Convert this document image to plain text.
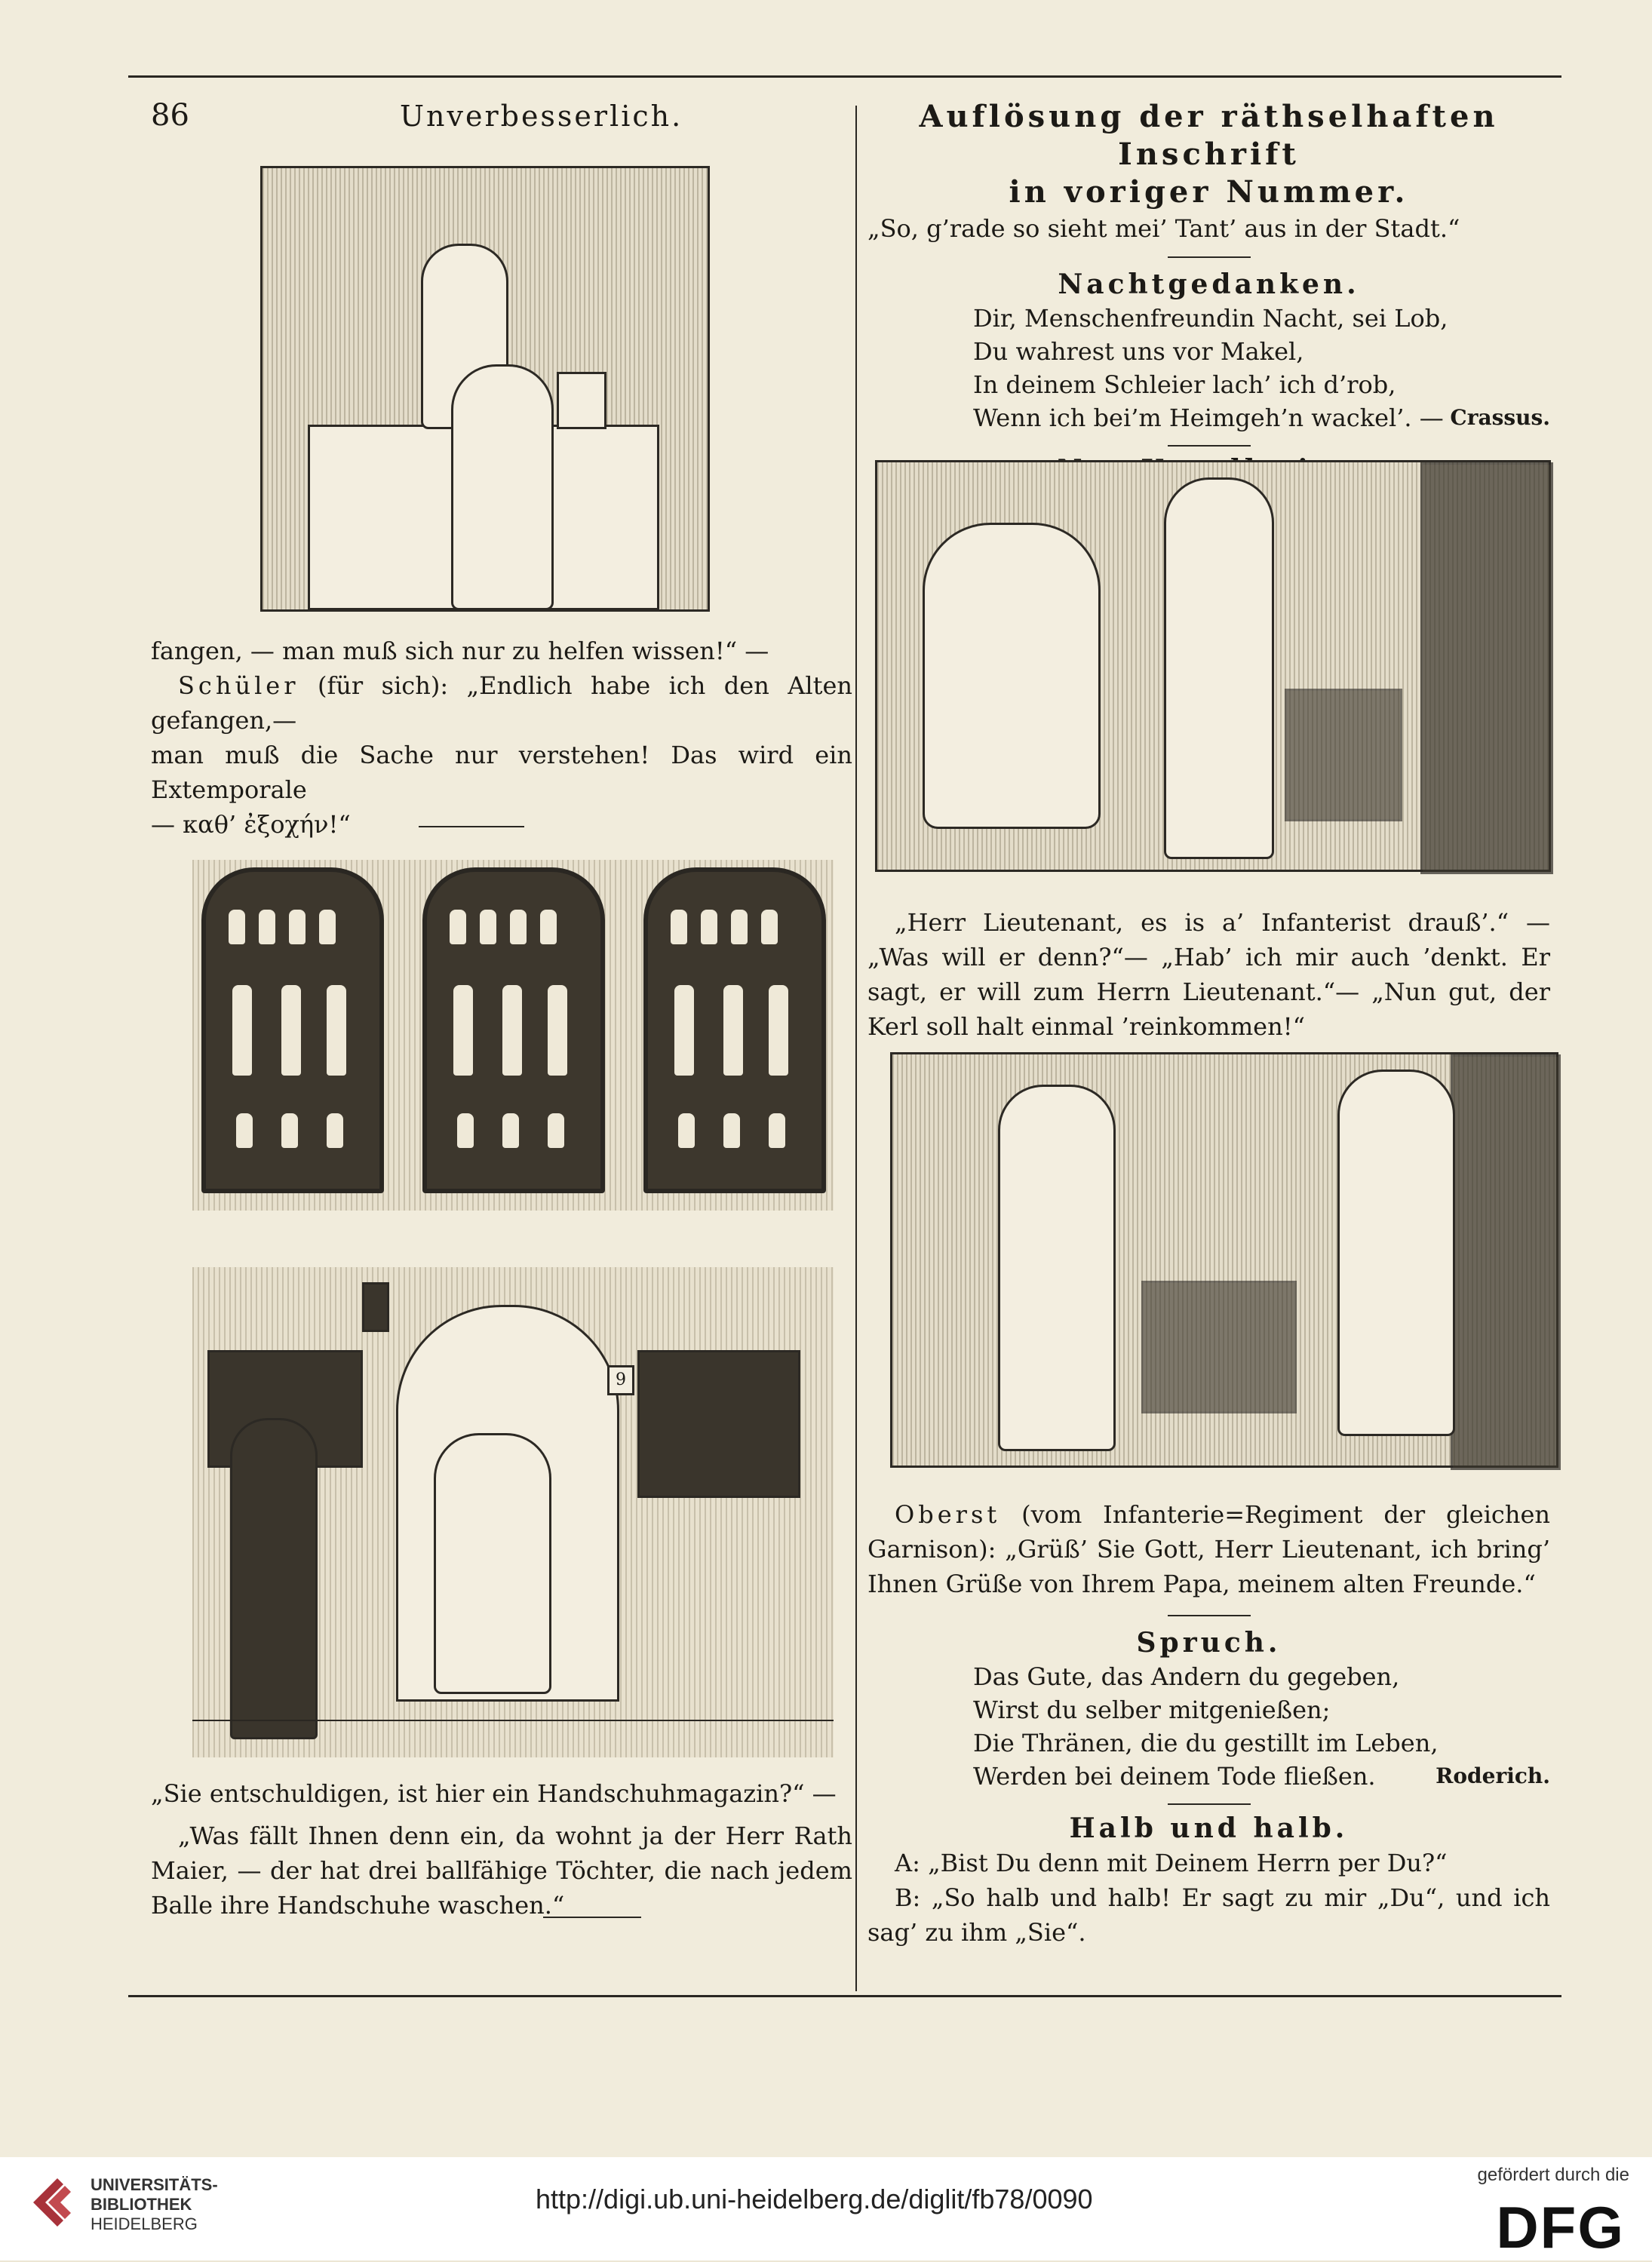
86	Unverbesserlich.

fangen, — man muß sich nur zu helfen wissen!“ —

Schüler (für sich): „Endlich habe ich den Alten gefangen,—

man muß die Sache nur verstehen! Das wird ein Extemporale

— καθ’ ἐξοχήν!“

9

„Sie entschuldigen, ist hier ein Handschuhmagazin?“ —

„Was fällt Ihnen denn ein, da wohnt ja der Herr Rath Maier, — der hat drei ballfähige Töchter, die nach jedem Balle ihre Handschuhe waschen.“

Auflösung der räthselhaften Inschrift
in voriger Nummer.

„So, g’rade so sieht mei’ Tant’ aus in der Stadt.“

Nachtgedanken.
Dir, Menschenfreundin Nacht, sei Lob,
Du wahrest uns vor Makel,
In deinem Schleier lach’ ich d’rob,
Wenn ich bei’m Heimgeh’n wackel’. — Crassus.

„Herr Lieutenant, es is a’ Infanterist drauß’.“ — „Was will er denn?“— „Hab’ ich mir auch ’denkt. Er sagt, er will zum Herrn Lieutenant.“— „Nun gut, der Kerl soll halt einmal ’reinkommen!“

Oberst (vom Infanterie=Regiment der gleichen Garnison): „Grüß’ Sie Gott, Herr Lieutenant, ich bring’ Ihnen Grüße von Ihrem Papa, meinem alten Freunde.“

Spruch.
Das Gute, das Andern du gegeben,
Wirst du selber mitgenießen;
Die Thränen, die du gestillt im Leben,
Werden bei deinem Tode fließen.	Roderich.
Halb und halb.

A: „Bist Du denn mit Deinem Herrn per Du?“

B: „So halb und halb! Er sagt zu mir „Du“, und ich sag’ zu ihm „Sie“.

UNIVERSITÄTS-
BIBLIOTHEK
HEIDELBERG
http://digi.ub.uni-heidelberg.de/diglit/fb78/0090
gefördert durch die
DFG
